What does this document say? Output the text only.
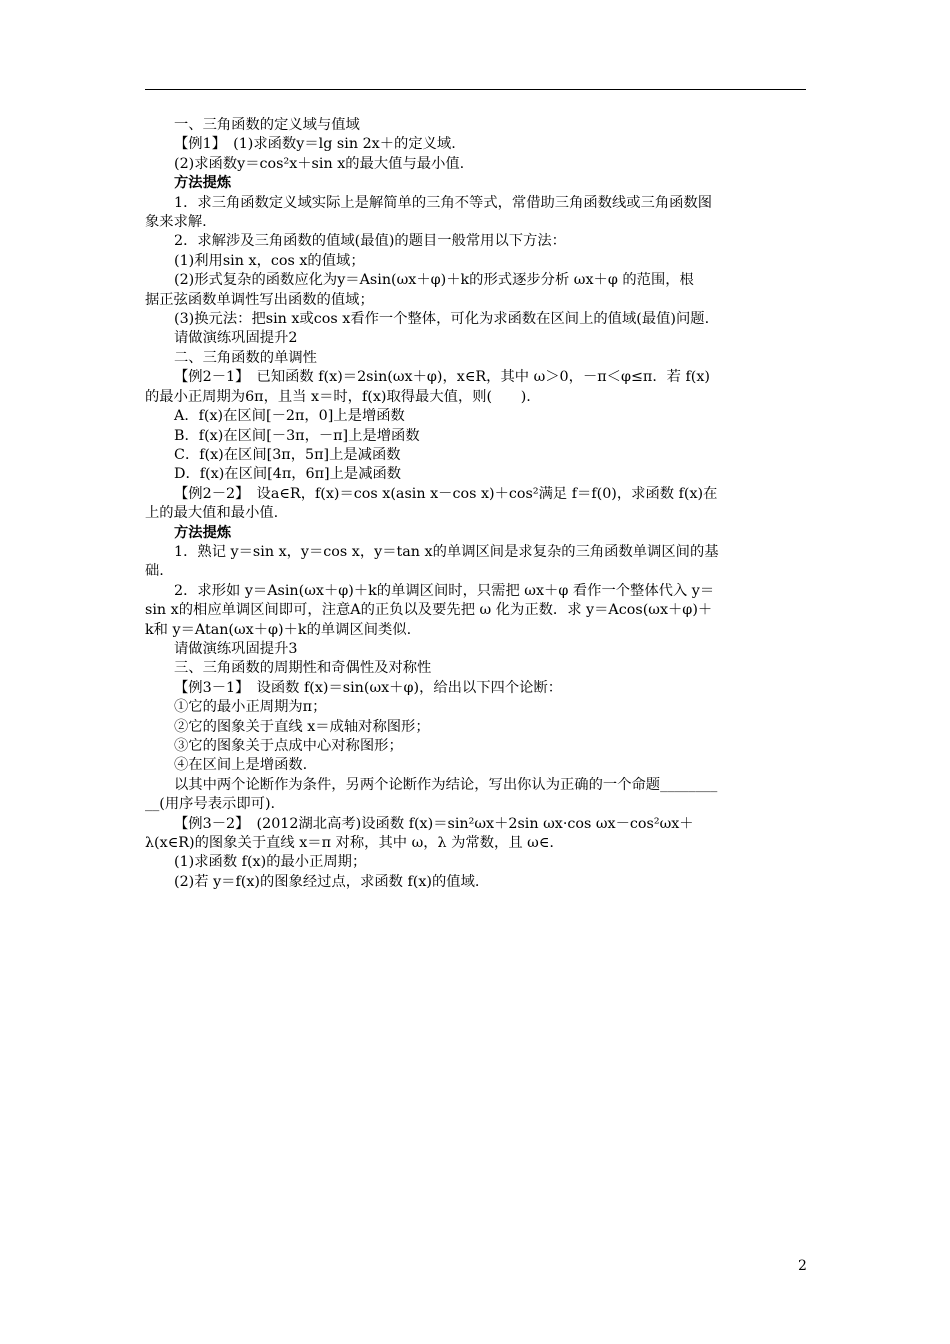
一、三角函数的定义域与值域
【例1】　(1)求函数y＝lg sin 2x＋的定义域.
(2)求函数y＝cos²x＋sin x的最大值与最小值.
方法提炼
1．求三角函数定义域实际上是解简单的三角不等式，常借助三角函数线或三角函数图
象来求解.
2．求解涉及三角函数的值域(最值)的题目一般常用以下方法：
(1)利用sin x，cos x的值域；
(2)形式复杂的函数应化为y＝Asin(ωx＋φ)＋k的形式逐步分析 ωx＋φ 的范围，根
据正弦函数单调性写出函数的值域；
(3)换元法：把sin x或cos x看作一个整体，可化为求函数在区间上的值域(最值)问题.
请做演练巩固提升2
二、三角函数的单调性
【例2－1】　已知函数 f(x)＝2sin(ωx＋φ)，x∈R，其中 ω＞0，－π＜φ≤π．若 f(x)
的最小正周期为6π，且当 x＝时，f(x)取得最大值，则(　　).
A．f(x)在区间[－2π，0]上是增函数
B．f(x)在区间[－3π，－π]上是增函数
C．f(x)在区间[3π，5π]上是减函数
D．f(x)在区间[4π，6π]上是减函数
【例2－2】　设a∈R，f(x)＝cos x(asin x－cos x)＋cos²满足 f＝f(0)，求函数 f(x)在
上的最大值和最小值.
方法提炼
1．熟记 y＝sin x，y＝cos x，y＝tan x的单调区间是求复杂的三角函数单调区间的基
础.
2．求形如 y＝Asin(ωx＋φ)＋k的单调区间时，只需把 ωx＋φ 看作一个整体代入 y＝
sin x的相应单调区间即可，注意A的正负以及要先把 ω 化为正数．求 y＝Acos(ωx＋φ)＋
k和 y＝Atan(ωx＋φ)＋k的单调区间类似.
请做演练巩固提升3
三、三角函数的周期性和奇偶性及对称性
【例3－1】　设函数 f(x)＝sin(ωx＋φ)，给出以下四个论断：
①它的最小正周期为π；
②它的图象关于直线 x＝成轴对称图形；
③它的图象关于点成中心对称图形；
④在区间上是增函数.
以其中两个论断作为条件，另两个论断作为结论，写出你认为正确的一个命题________
__(用序号表示即可).
【例3－2】　(2012湖北高考)设函数 f(x)＝sin²ωx＋2sin ωx·cos ωx－cos²ωx＋
λ(x∈R)的图象关于直线 x＝π 对称，其中 ω，λ 为常数，且 ω∈.
(1)求函数 f(x)的最小正周期；
(2)若 y＝f(x)的图象经过点，求函数 f(x)的值域.
2
